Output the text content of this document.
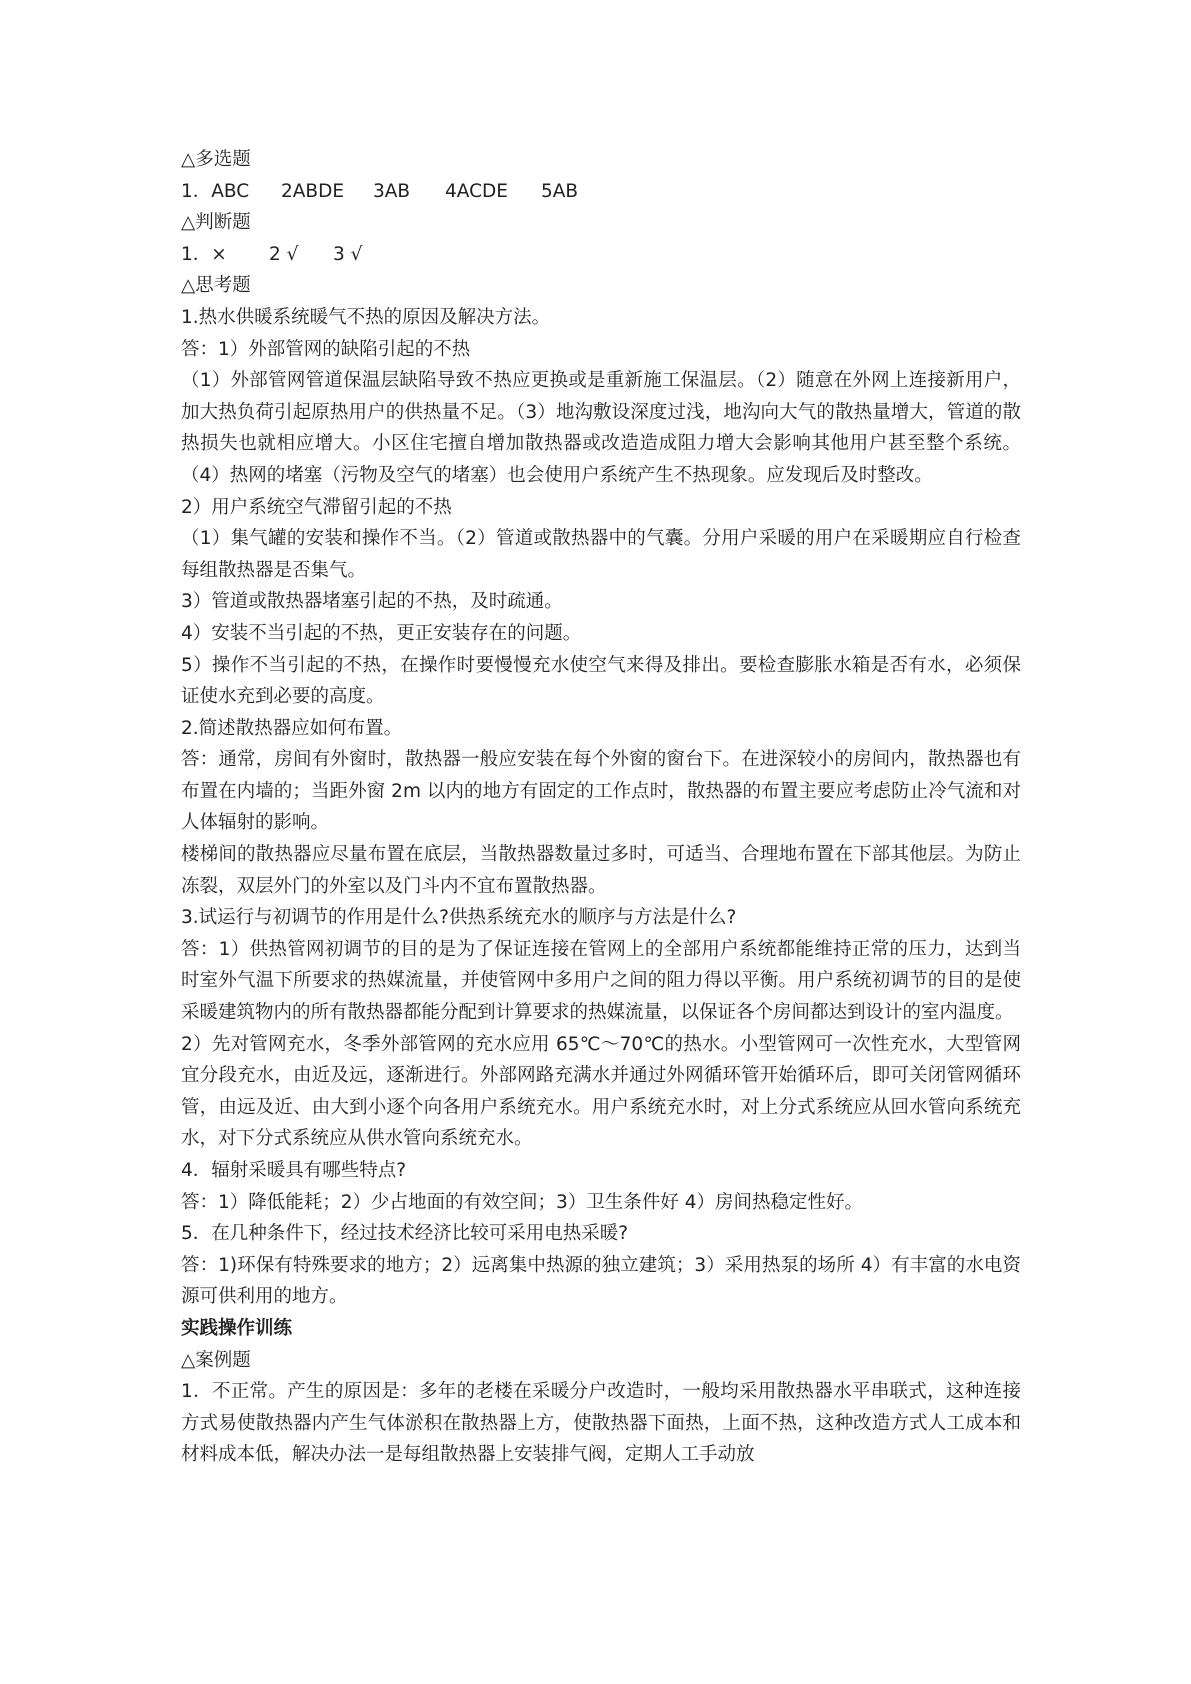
△多选题
1．ABC 2ABDE 3AB 4ACDE 5AB
△判断题
1．× 2 √ 3 √
△思考题
1.热水供暖系统暖气不热的原因及解决方法。
答：1）外部管网的缺陷引起的不热
（1）外部管网管道保温层缺陷导致不热应更换或是重新施工保温层。（2）随意在外网上连接新用户，加大热负荷引起原热用户的供热量不足。（3）地沟敷设深度过浅，地沟向大气的散热量增大，管道的散热损失也就相应增大。小区住宅擅自增加散热器或改造造成阻力增大会影响其他用户甚至整个系统。（4）热网的堵塞（污物及空气的堵塞）也会使用户系统产生不热现象。应发现后及时整改。
2）用户系统空气滞留引起的不热
（1）集气罐的安装和操作不当。（2）管道或散热器中的气囊。分用户采暖的用户在采暖期应自行检查每组散热器是否集气。
3）管道或散热器堵塞引起的不热，及时疏通。
4）安装不当引起的不热，更正安装存在的问题。
5）操作不当引起的不热，在操作时要慢慢充水使空气来得及排出。要检查膨胀水箱是否有水，必须保证使水充到必要的高度。
2.简述散热器应如何布置。
答：通常，房间有外窗时，散热器一般应安装在每个外窗的窗台下。在进深较小的房间内，散热器也有布置在内墙的；当距外窗 2m 以内的地方有固定的工作点时，散热器的布置主要应考虑防止冷气流和对人体辐射的影响。
楼梯间的散热器应尽量布置在底层，当散热器数量过多时，可适当、合理地布置在下部其他层。为防止冻裂，双层外门的外室以及门斗内不宜布置散热器。
3.试运行与初调节的作用是什么?供热系统充水的顺序与方法是什么?
答：1）供热管网初调节的目的是为了保证连接在管网上的全部用户系统都能维持正常的压力，达到当时室外气温下所要求的热媒流量，并使管网中多用户之间的阻力得以平衡。用户系统初调节的目的是使采暖建筑物内的所有散热器都能分配到计算要求的热媒流量，以保证各个房间都达到设计的室内温度。
2）先对管网充水，冬季外部管网的充水应用 65℃～70℃的热水。小型管网可一次性充水，大型管网宜分段充水，由近及远，逐渐进行。外部网路充满水并通过外网循环管开始循环后，即可关闭管网循环管，由远及近、由大到小逐个向各用户系统充水。用户系统充水时，对上分式系统应从回水管向系统充水，对下分式系统应从供水管向系统充水。
4．辐射采暖具有哪些特点?
答：1）降低能耗；2）少占地面的有效空间；3）卫生条件好 4）房间热稳定性好。
5．在几种条件下，经过技术经济比较可采用电热采暖?
答：1)环保有特殊要求的地方；2）远离集中热源的独立建筑；3）采用热泵的场所 4）有丰富的水电资源可供利用的地方。
实践操作训练
△案例题
1．不正常。产生的原因是：多年的老楼在采暖分户改造时，一般均采用散热器水平串联式，这种连接方式易使散热器内产生气体淤积在散热器上方，使散热器下面热，上面不热，这种改造方式人工成本和材料成本低，解决办法一是每组散热器上安装排气阀，定期人工手动放
